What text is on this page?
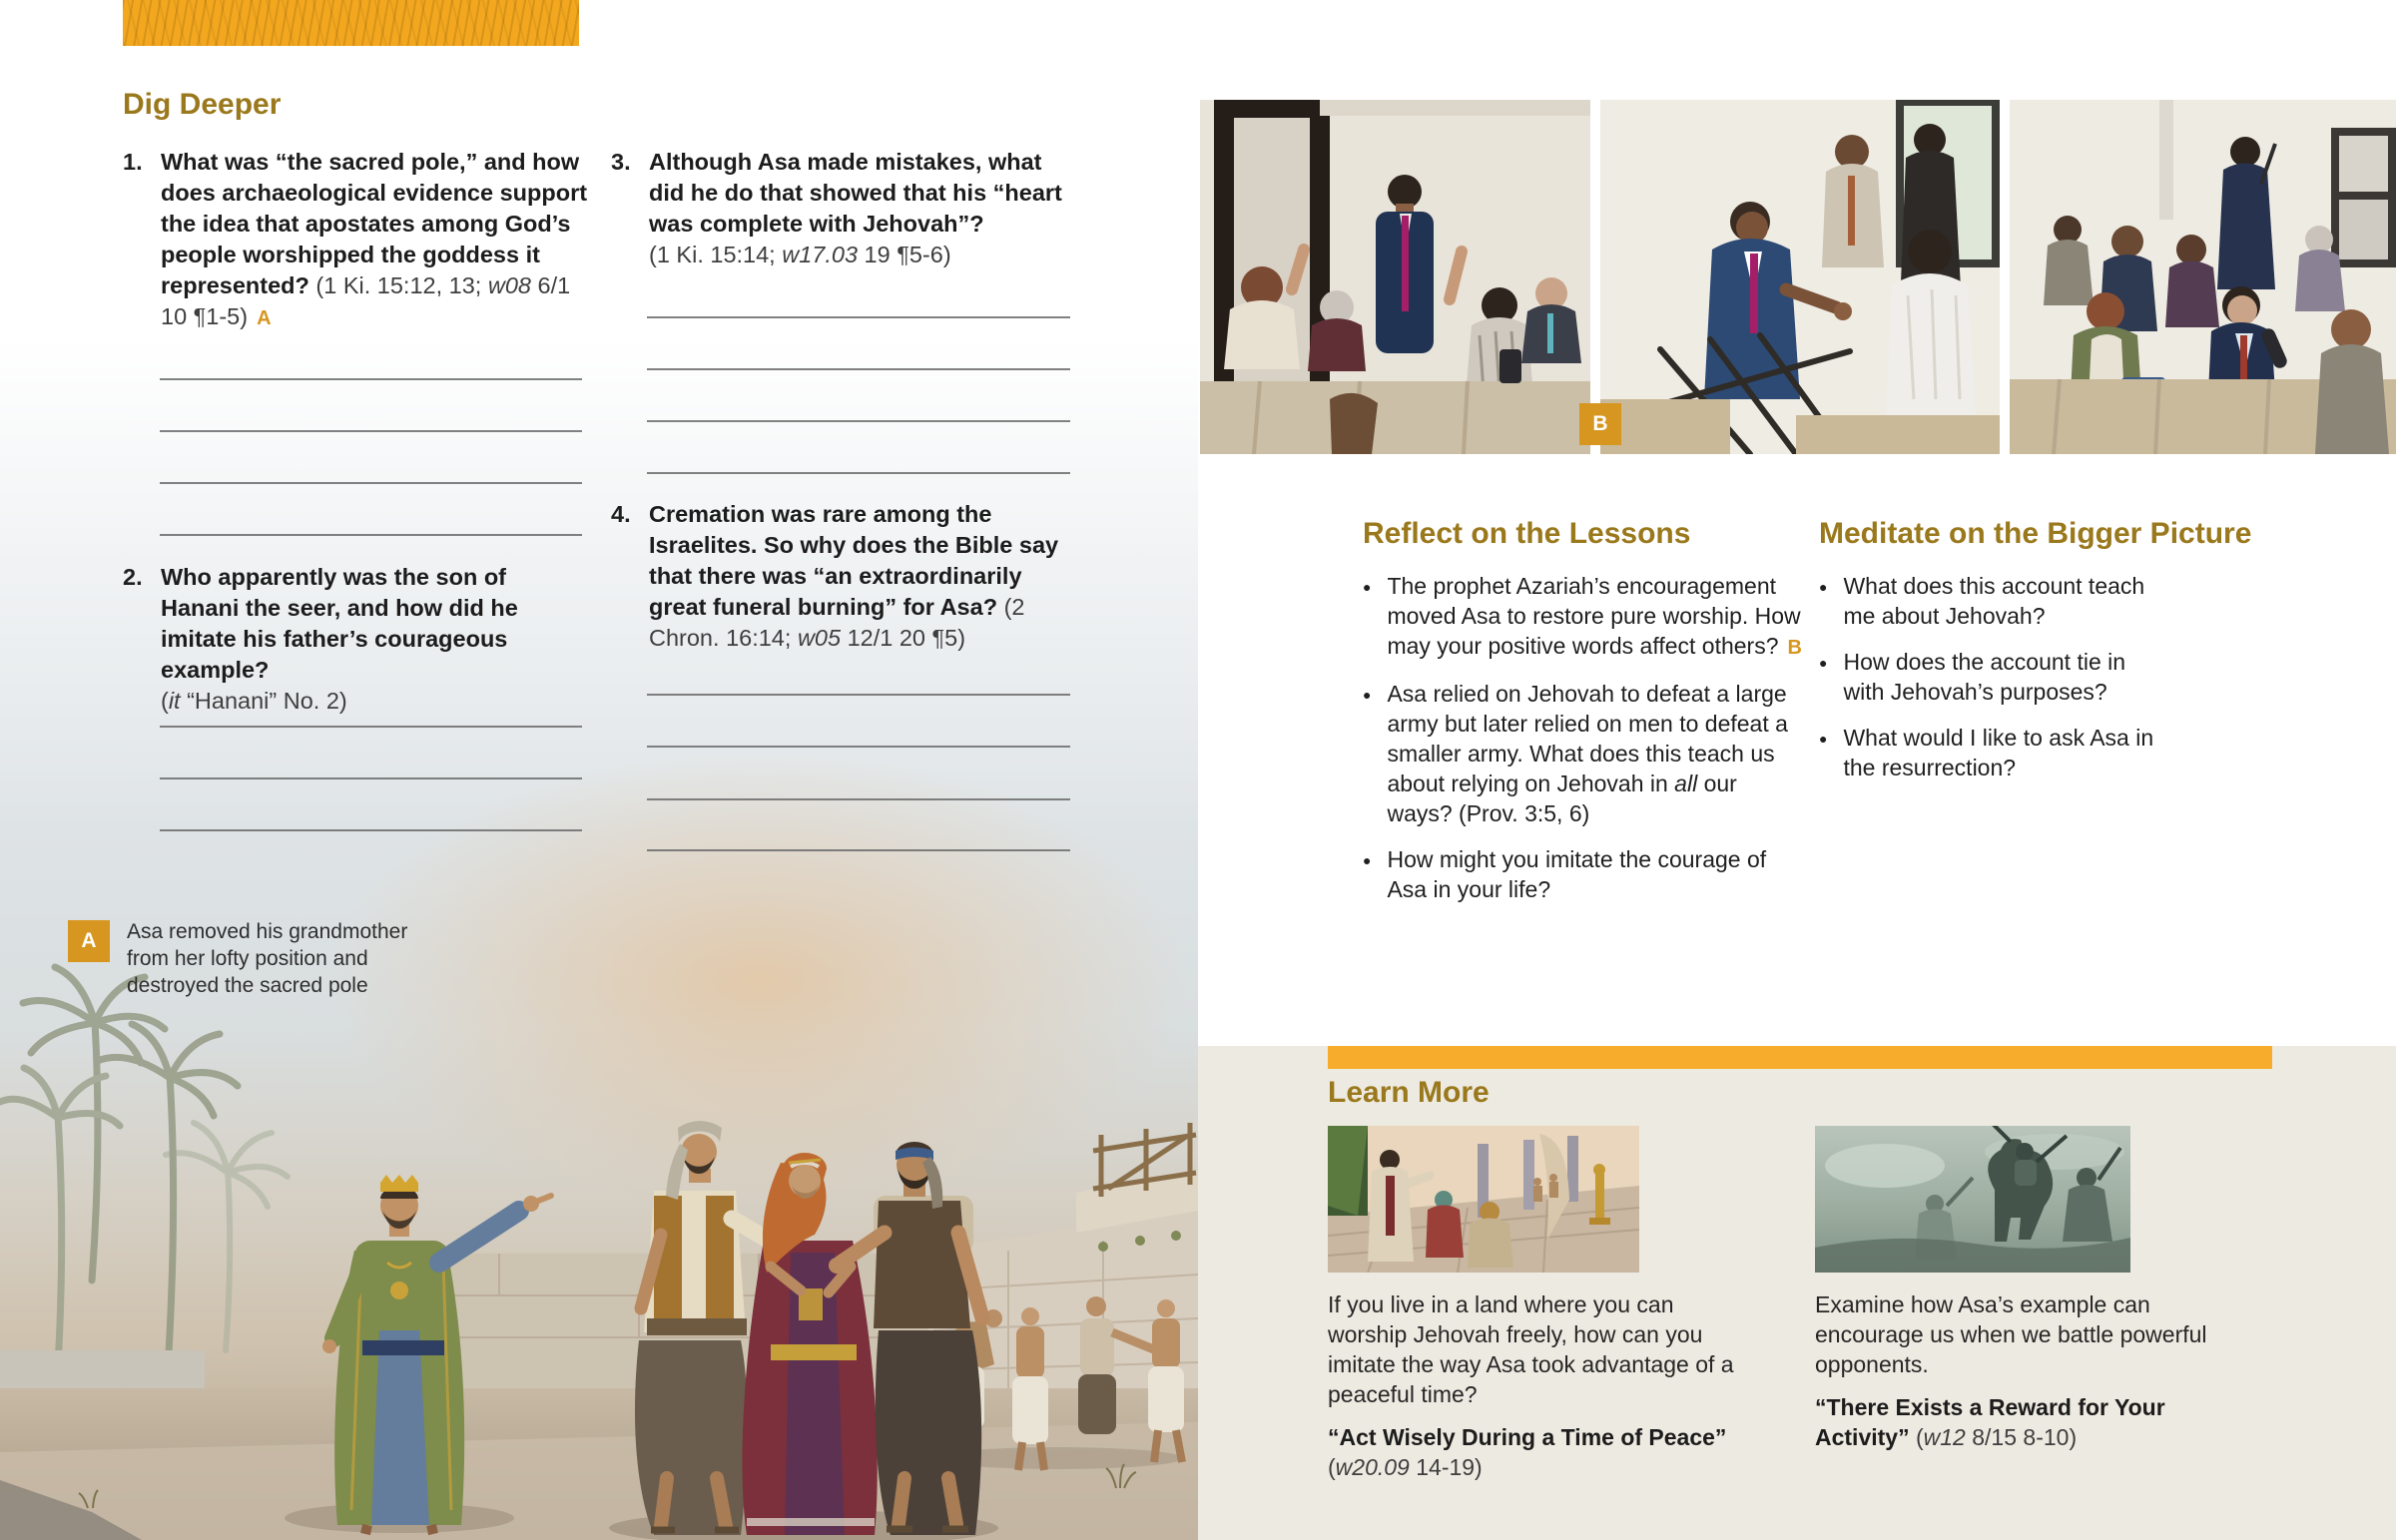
Dig Deeper
1. What was “the sacred pole,” and how does archaeological evidence support the idea that apostates among God’s people worshipped the goddess it represented? (1 Ki. 15:12, 13; w08 6/1 10 ¶1-5) A

2. Who apparently was the son of Hanani the seer, and how did he imitate his father’s courageous example?
(it “Hanani” No. 2)

3. Although Asa made mistakes, what did he do that showed that his “heart was complete with Jehovah”?
(1 Ki. 15:14; w17.03 19 ¶5-6)

4. Cremation was rare among the Israelites. So why does the Bible say that there was “an extraordinarily great funeral burning” for Asa? (2 Chron. 16:14; w05 12/1 20 ¶5)

A	Asa removed his grandmother from her lofty position and destroyed the sacred pole
B
Reflect on the Lessons
● The prophet Azariah’s encouragement moved Asa to restore pure worship. How may your positive words affect others? B
● Asa relied on Jehovah to defeat a large army but later relied on men to defeat a smaller army. What does this teach us about relying on Jehovah in all our ways? (Prov. 3:5, 6)
● How might you imitate the courage of Asa in your life?
Meditate on the Bigger Picture
● What does this account teach me about Jehovah?
● How does the account tie in with Jehovah’s purposes?
● What would I like to ask Asa in the resurrection?
Learn More

If you live in a land where you can worship Jehovah freely, how can you imitate the way Asa took advantage of a peaceful time?

“Act Wisely During a Time of Peace”
(w20.09 14-19)

Examine how Asa’s example can encourage us when we battle powerful opponents.

“There Exists a Reward for Your Activity” (w12 8/15 8-10)
